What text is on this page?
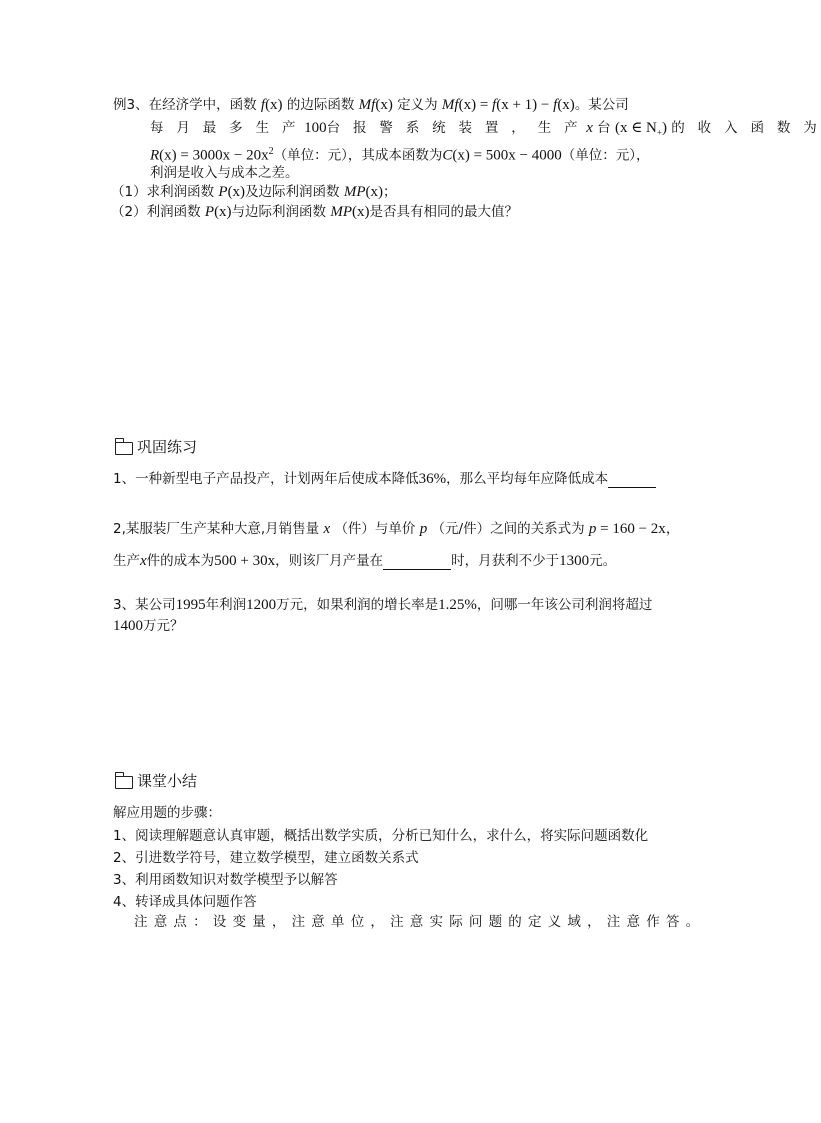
例3、在经济学中，函数 f(x) 的边际函数 Mf(x) 定义为 Mf(x) = f(x + 1) − f(x)。某公司
每 月 最 多 生 产 100台 报 警 系 统 装 置 ， 生 产 x 台 (x ∈ $N_+$) 的 收 入 函 数 为
$R(x) = 3000x - 20x^2$（单位：元），其成本函数为C(x) = 500x − 4000（单位：元），
利润是收入与成本之差。
（1）求利润函数 P(x)及边际利润函数 MP(x)；
（2）利润函数 P(x)与边际利润函数 MP(x)是否具有相同的最大值？
巩固练习
1、一种新型电子产品投产，计划两年后使成本降低36%，那么平均每年应降低成本
2,某服装厂生产某种大意,月销售量 x （件）与单价 p （元/件）之间的关系式为 p = 160 − 2x，
生产x件的成本为500 + 30x，则该厂月产量在	时，月获利不少于1300元。
3、某公司1995年利润1200万元，如果利润的增长率是1.25%，问哪一年该公司利润将超过
1400万元？
课堂小结
解应用题的步骤：
1、阅读理解题意认真审题，概括出数学实质，分析已知什么，求什么，将实际问题函数化
2、引进数学符号，建立数学模型，建立函数关系式
3、利用函数知识对数学模型予以解答
4、转译成具体问题作答
注意点：设变量，注意单位，注意实际问题的定义域，注意作答。
